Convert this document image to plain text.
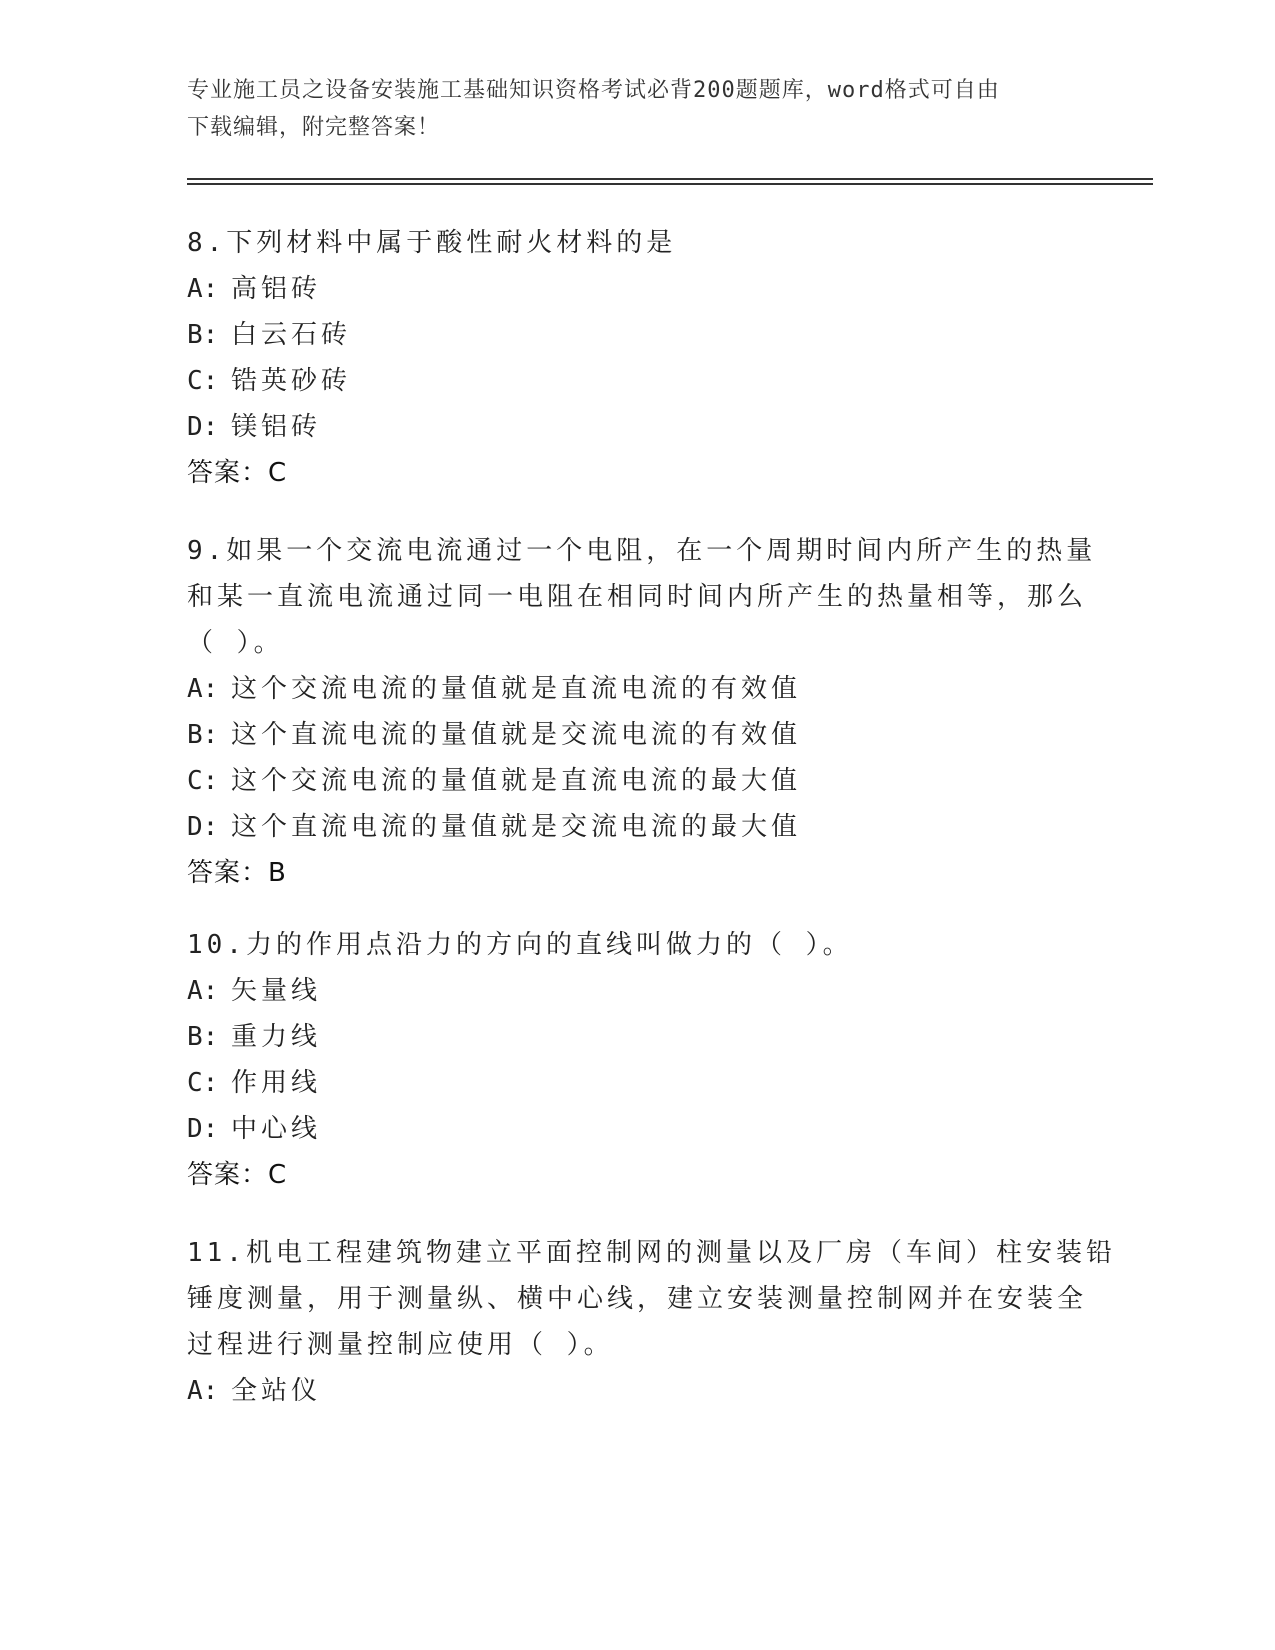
专业施工员之设备安装施工基础知识资格考试必背200题题库，word格式可自由
下载编辑，附完整答案！
8.下列材料中属于酸性耐火材料的是
A: 高铝砖
B: 白云石砖
C: 锆英砂砖
D: 镁铝砖
答案：C
9.如果一个交流电流通过一个电阻，在一个周期时间内所产生的热量
和某一直流电流通过同一电阻在相同时间内所产生的热量相等，那么
（ ）。
A: 这个交流电流的量值就是直流电流的有效值
B: 这个直流电流的量值就是交流电流的有效值
C: 这个交流电流的量值就是直流电流的最大值
D: 这个直流电流的量值就是交流电流的最大值
答案：B
10.力的作用点沿力的方向的直线叫做力的（ ）。
A: 矢量线
B: 重力线
C: 作用线
D: 中心线
答案：C
11.机电工程建筑物建立平面控制网的测量以及厂房（车间）柱安装铅
锤度测量，用于测量纵、横中心线，建立安装测量控制网并在安装全
过程进行测量控制应使用（ ）。
A: 全站仪
